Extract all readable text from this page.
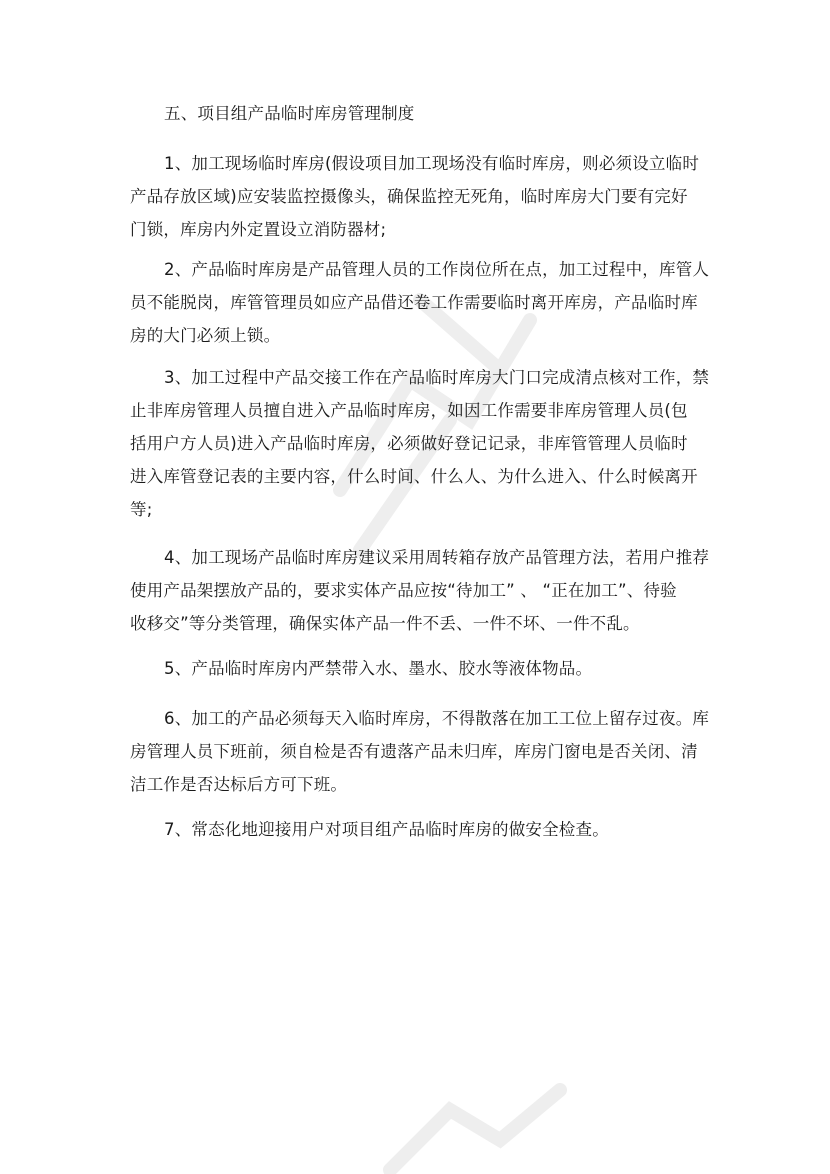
五、项目组产品临时库房管理制度
1、加工现场临时库房(假设项目加工现场没有临时库房，则必须设立临时
产品存放区域)应安装监控摄像头，确保监控无死角，临时库房大门要有完好
门锁，库房内外定置设立消防器材;
2、产品临时库房是产品管理人员的工作岗位所在点，加工过程中，库管人
员不能脱岗，库管管理员如应产品借还卷工作需要临时离开库房，产品临时库
房的大门必须上锁。
3、加工过程中产品交接工作在产品临时库房大门口完成清点核对工作，禁
止非库房管理人员擅自进入产品临时库房，如因工作需要非库房管理人员(包
括用户方人员)进入产品临时库房，必须做好登记记录，非库管管理人员临时
进入库管登记表的主要内容，什么时间、什么人、为什么进入、什么时候离开
等;
4、加工现场产品临时库房建议采用周转箱存放产品管理方法，若用户推荐
使用产品架摆放产品的，要求实体产品应按“待加工” 、 “正在加工”、待验
收移交”等分类管理，确保实体产品一件不丢、一件不坏、一件不乱。
5、产品临时库房内严禁带入水、墨水、胶水等液体物品。
6、加工的产品必须每天入临时库房，不得散落在加工工位上留存过夜。库
房管理人员下班前，须自检是否有遗落产品未归库，库房门窗电是否关闭、清
洁工作是否达标后方可下班。
7、常态化地迎接用户对项目组产品临时库房的做安全检查。
